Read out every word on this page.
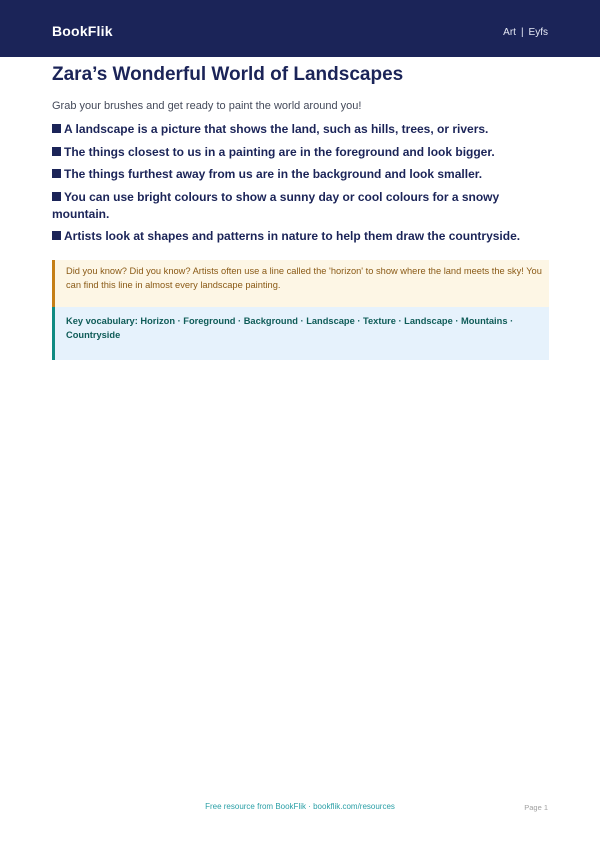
BookFlik	Art | Eyfs
Zara’s Wonderful World of Landscapes

Grab your brushes and get ready to paint the world around you!

A landscape is a picture that shows the land, such as hills, trees, or rivers.
The things closest to us in a painting are in the foreground and look bigger.
The things furthest away from us are in the background and look smaller.
You can use bright colours to show a sunny day or cool colours for a snowy mountain.
Artists look at shapes and patterns in nature to help them draw the countryside.
Did you know? Did you know? Artists often use a line called the 'horizon' to show where the land meets the sky! You can find this line in almost every landscape painting.
Key vocabulary: Horizon · Foreground · Background · Landscape · Texture · Landscape · Mountains · Countryside
Free resource from BookFlik · bookflik.com/resources	Page 1
